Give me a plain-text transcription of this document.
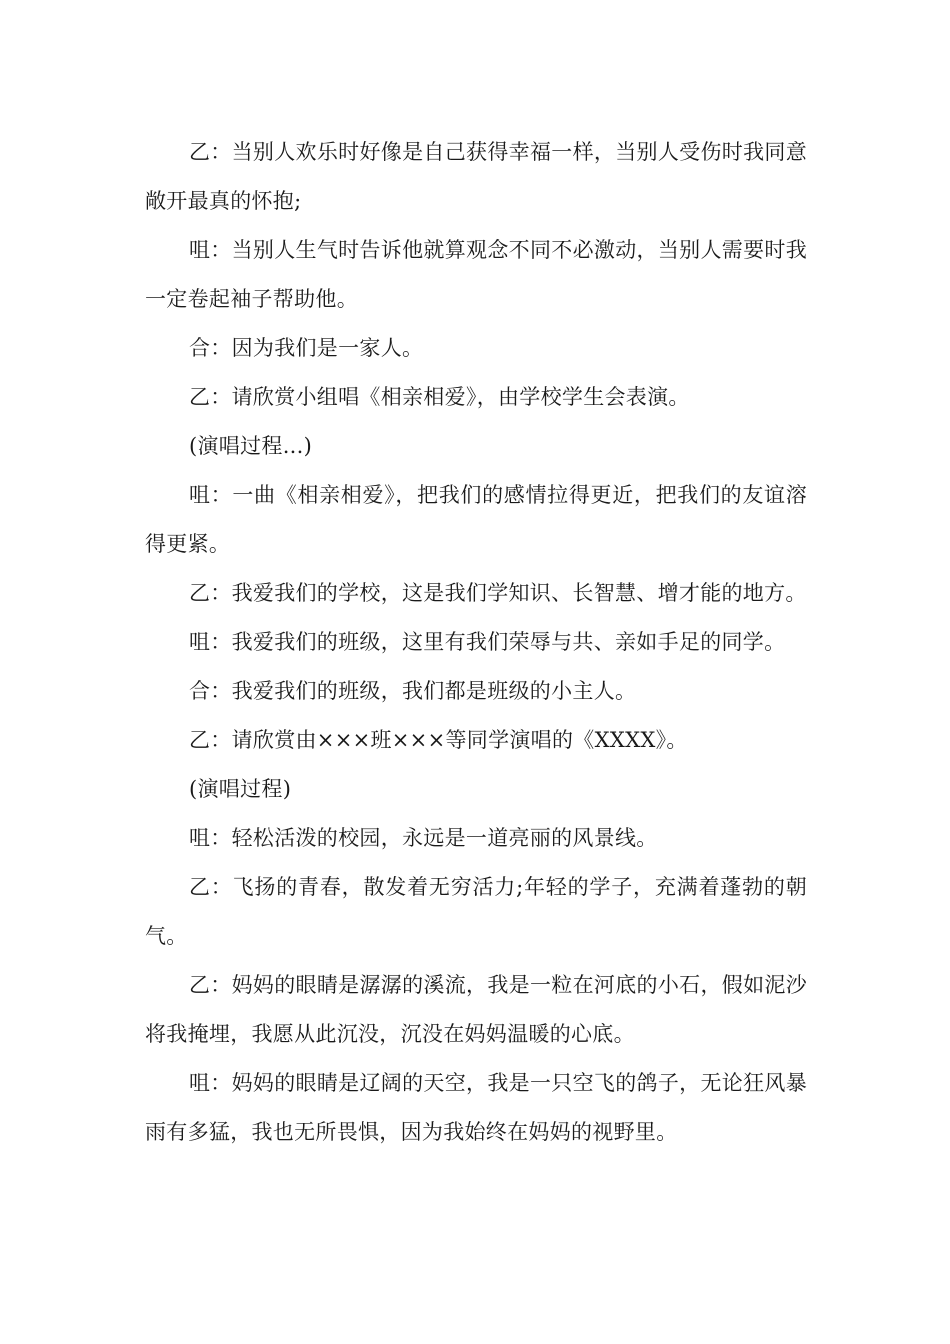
乙：当别人欢乐时好像是自己获得幸福一样，当别人受伤时我同意敞开最真的怀抱;

咀：当别人生气时告诉他就算观念不同不必激动，当别人需要时我一定卷起袖子帮助他。

合：因为我们是一家人。

乙：请欣赏小组唱《相亲相爱》，由学校学生会表演。

(演唱过程...)

咀：一曲《相亲相爱》，把我们的感情拉得更近，把我们的友谊溶得更紧。

乙：我爱我们的学校，这是我们学知识、长智慧、增才能的地方。

咀：我爱我们的班级，这里有我们荣辱与共、亲如手足的同学。

合：我爱我们的班级，我们都是班级的小主人。

乙：请欣赏由×××班×××等同学演唱的《XXXX》。

(演唱过程)

咀：轻松活泼的校园，永远是一道亮丽的风景线。

乙：飞扬的青春，散发着无穷活力;年轻的学子，充满着蓬勃的朝气。

乙：妈妈的眼睛是潺潺的溪流，我是一粒在河底的小石，假如泥沙将我掩埋，我愿从此沉没，沉没在妈妈温暖的心底。

咀：妈妈的眼睛是辽阔的天空，我是一只空飞的鸽子，无论狂风暴雨有多猛，我也无所畏惧，因为我始终在妈妈的视野里。
